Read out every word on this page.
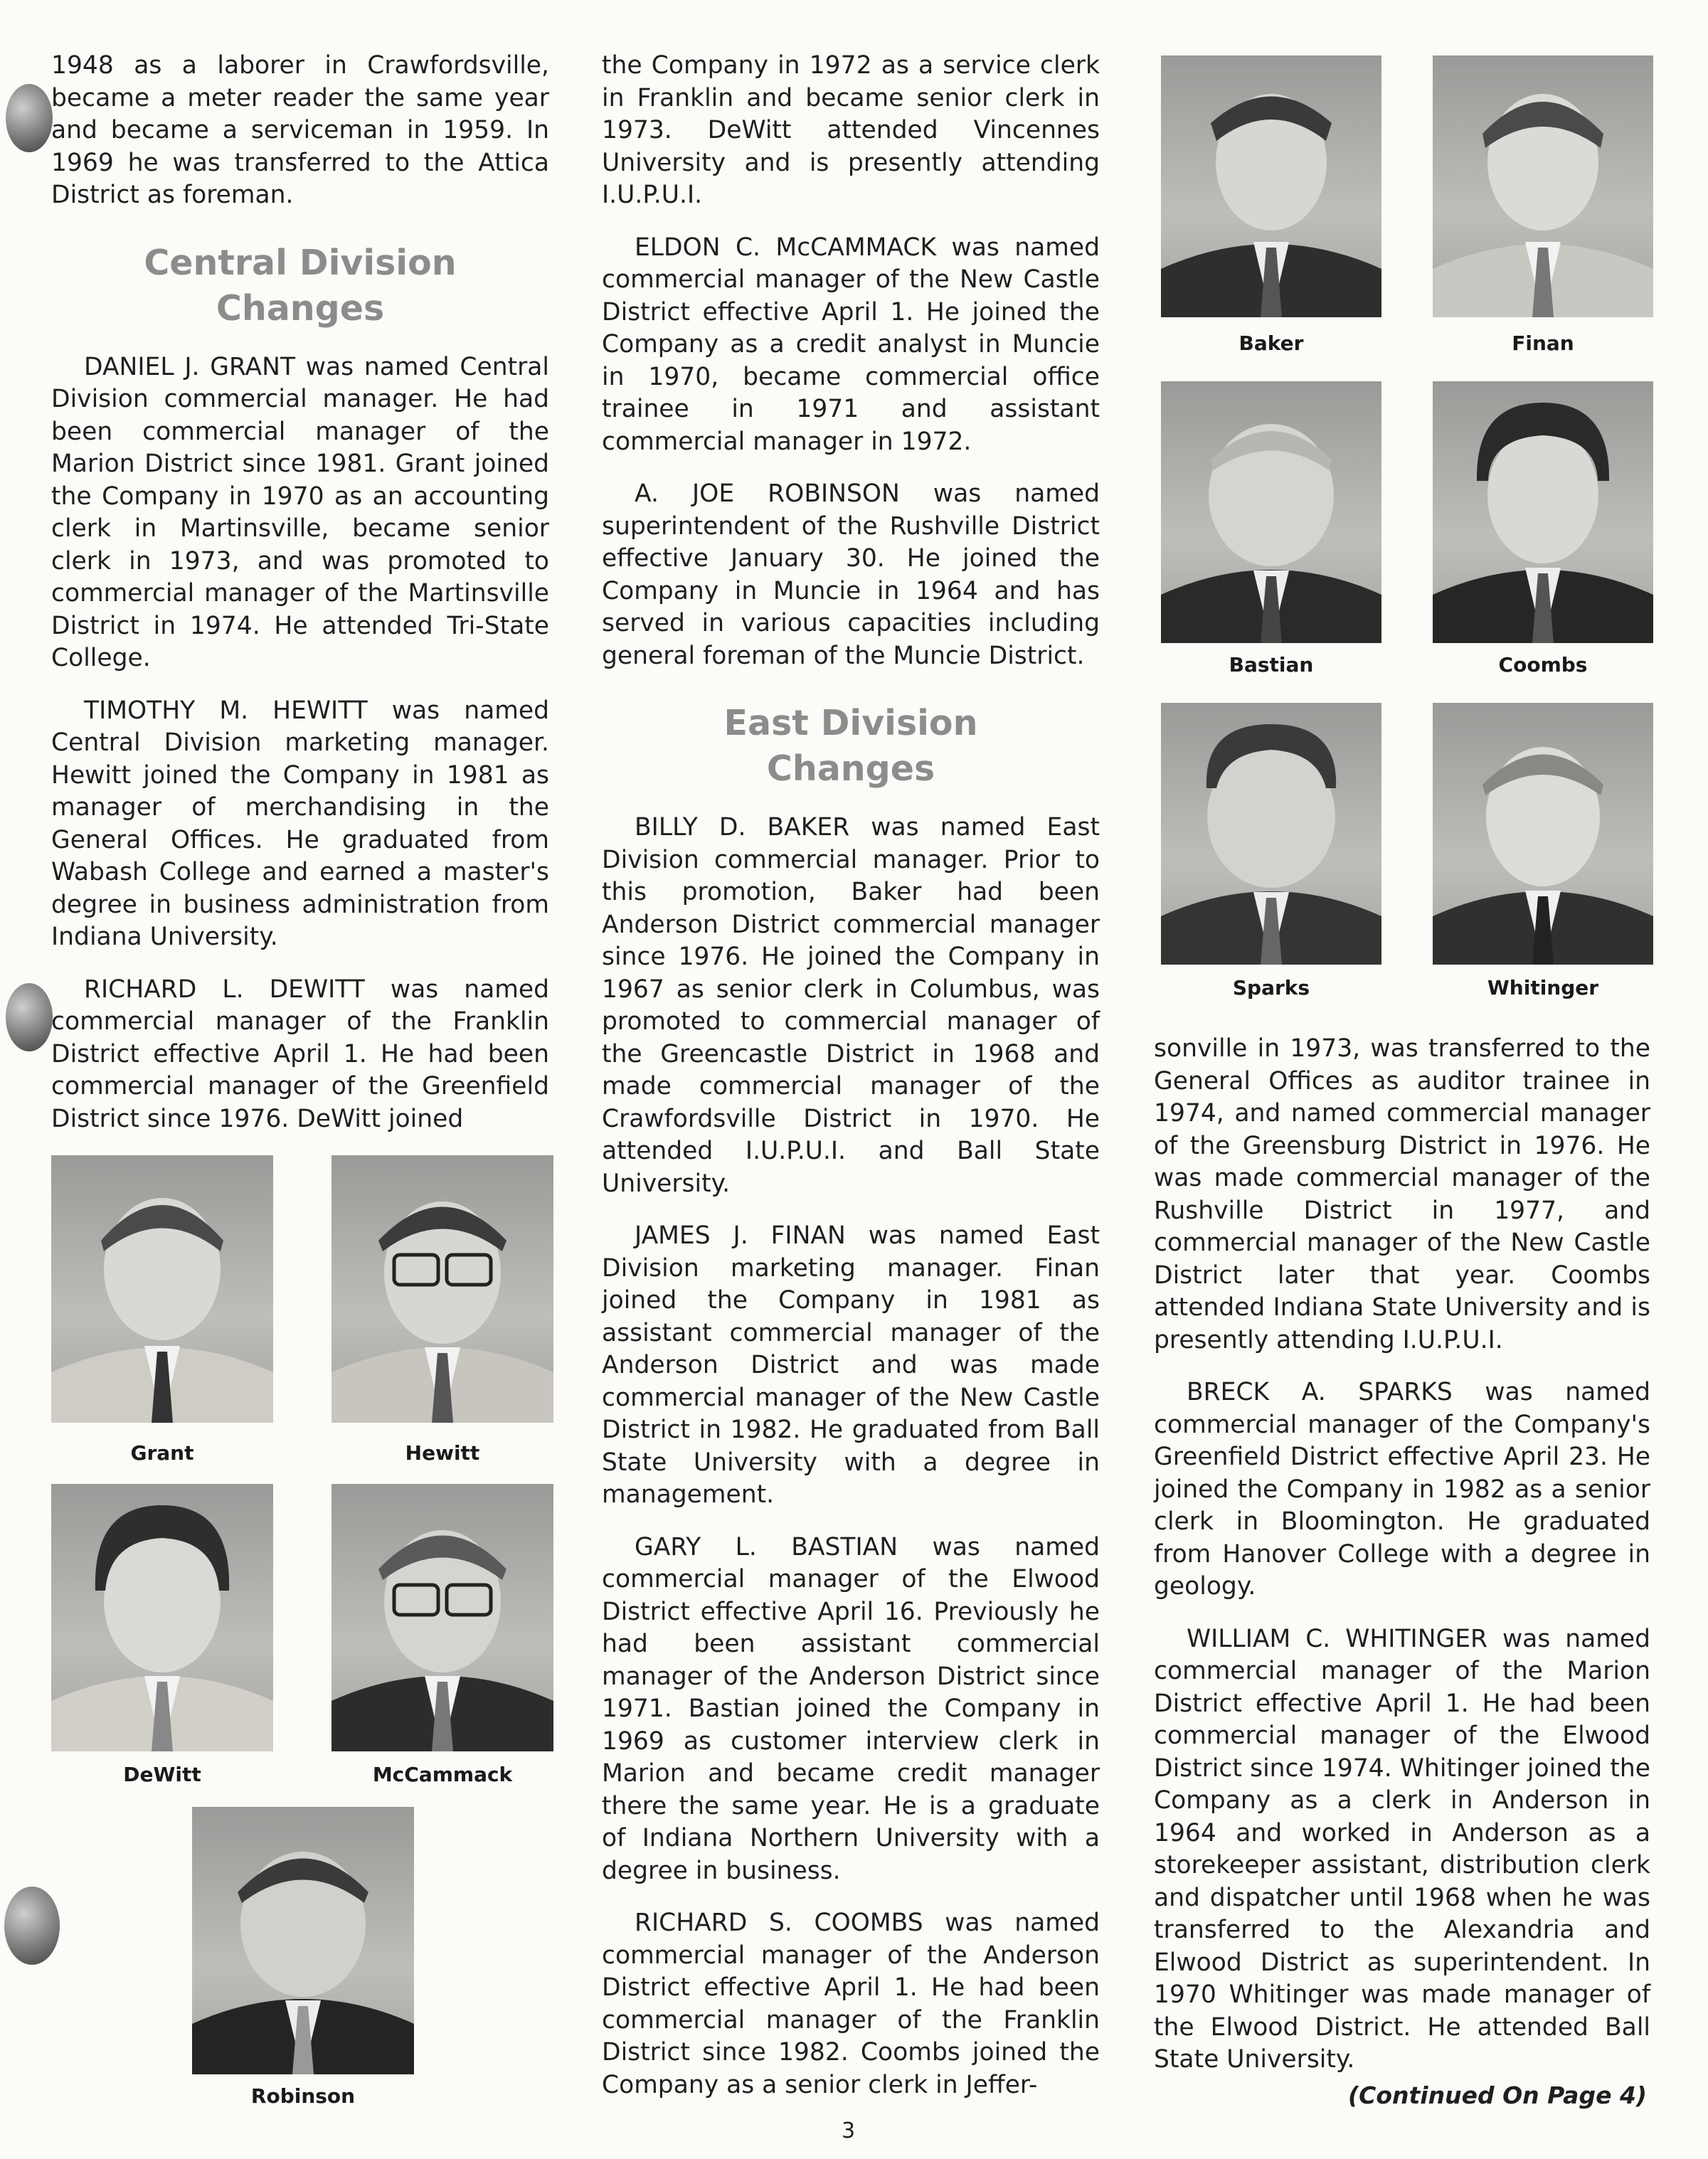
1948 as a laborer in Crawfordsville, became a meter reader the same year and became a serviceman in 1959. In 1969 he was transferred to the Attica District as foreman.

Central Division
Changes

DANIEL J. GRANT was named Central Division commercial manager. He had been commercial manager of the Marion District since 1981. Grant joined the Company in 1970 as an accounting clerk in Martinsville, became senior clerk in 1973, and was promoted to commercial manager of the Martinsville District in 1974. He attended Tri-State College.

TIMOTHY M. HEWITT was named Central Division marketing manager. Hewitt joined the Company in 1981 as manager of merchandising in the General Offices. He graduated from Wabash College and earned a master's degree in business administration from Indiana University.

RICHARD L. DEWITT was named commercial manager of the Franklin District effective April 1. He had been commercial manager of the Greenfield District since 1976. DeWitt joined

the Company in 1972 as a service clerk in Franklin and became senior clerk in 1973. DeWitt attended Vincennes University and is presently attending I.U.P.U.I.

ELDON C. McCAMMACK was named commercial manager of the New Castle District effective April 1. He joined the Company as a credit analyst in Muncie in 1970, became commercial office trainee in 1971 and assistant commercial manager in 1972.

A. JOE ROBINSON was named superintendent of the Rushville District effective January 30. He joined the Company in Muncie in 1964 and has served in various capacities including general foreman of the Muncie District.

East Division
Changes

BILLY D. BAKER was named East Division commercial manager. Prior to this promotion, Baker had been Anderson District commercial manager since 1976. He joined the Company in 1967 as senior clerk in Columbus, was promoted to commercial manager of the Greencastle District in 1968 and made commercial manager of the Crawfordsville District in 1970. He attended I.U.P.U.I. and Ball State University.

JAMES J. FINAN was named East Division marketing manager. Finan joined the Company in 1981 as assistant commercial manager of the Anderson District and was made commercial manager of the New Castle District in 1982. He graduated from Ball State University with a degree in management.

GARY L. BASTIAN was named commercial manager of the Elwood District effective April 16. Previously he had been assistant commercial manager of the Anderson District since 1971. Bastian joined the Company in 1969 as customer interview clerk in Marion and became credit manager there the same year. He is a graduate of Indiana Northern University with a degree in business.

RICHARD S. COOMBS was named commercial manager of the Anderson District effective April 1. He had been commercial manager of the Franklin District since 1982. Coombs joined the Company as a senior clerk in Jeffer-

sonville in 1973, was transferred to the General Offices as auditor trainee in 1974, and named commercial manager of the Greensburg District in 1976. He was made commercial manager of the Rushville District in 1977, and commercial manager of the New Castle District later that year. Coombs attended Indiana State University and is presently attending I.U.P.U.I.

BRECK A. SPARKS was named commercial manager of the Company's Greenfield District effective April 23. He joined the Company in 1982 as a senior clerk in Bloomington. He graduated from Hanover College with a degree in geology.

WILLIAM C. WHITINGER was named commercial manager of the Marion District effective April 1. He had been commercial manager of the Elwood District since 1974. Whitinger joined the Company as a clerk in Anderson in 1964 and worked in Anderson as a storekeeper assistant, distribution clerk and dispatcher until 1968 when he was transferred to the Alexandria and Elwood District as superintendent. In 1970 Whitinger was made manager of the Elwood District. He attended Ball State University.

Baker	Finan
Bastian	Coombs
Sparks	Whitinger
Grant	Hewitt
DeWitt	McCammack
Robinson	(Continued On Page 4)
3
